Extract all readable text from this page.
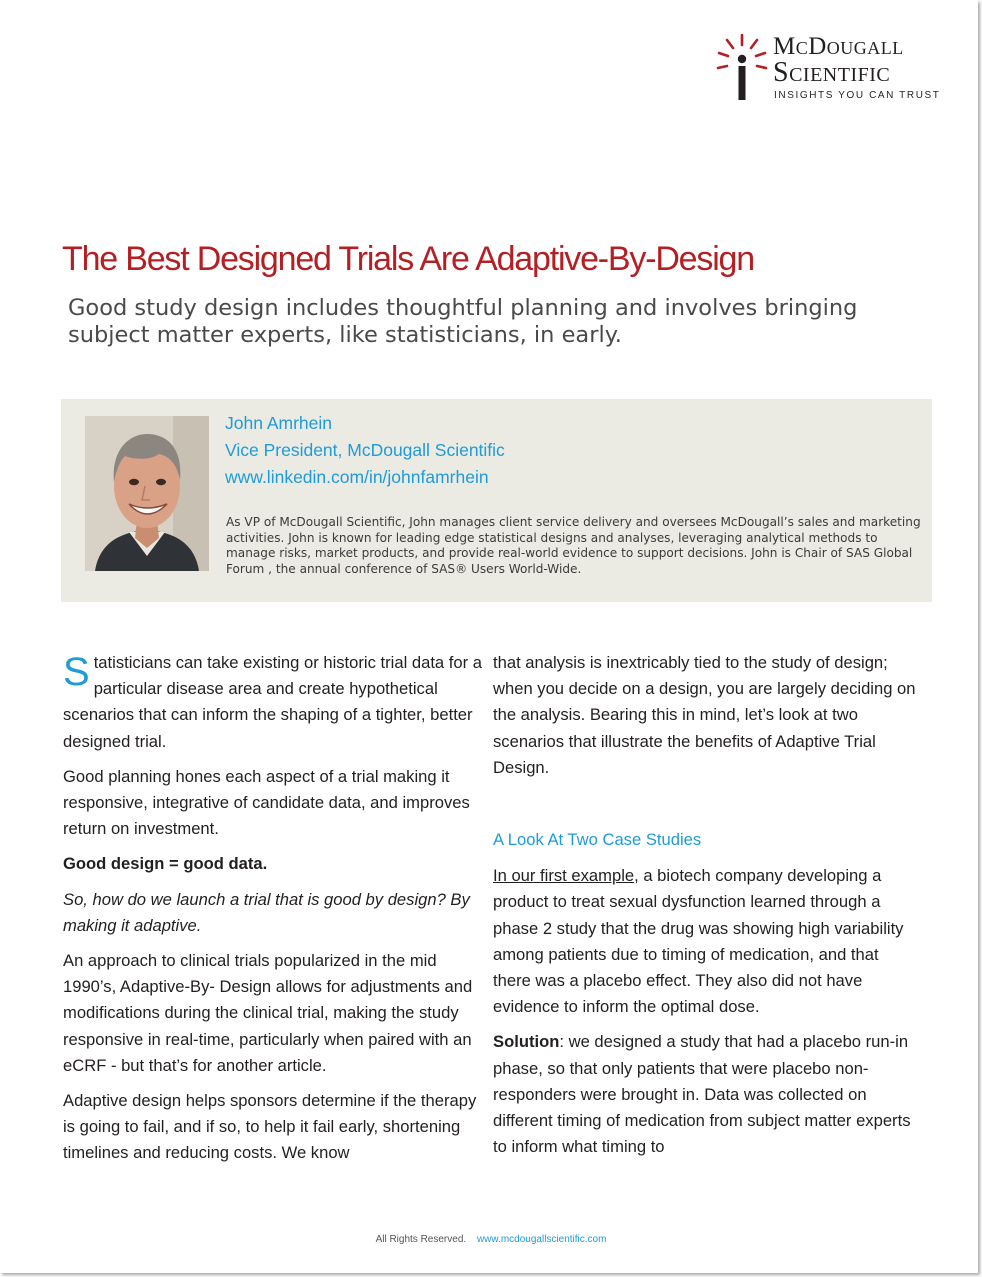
McDougall
Scientific
INSIGHTS YOU CAN TRUST
The Best Designed Trials Are Adaptive-By-Design
Good study design includes thoughtful planning and involves bringing subject matter experts, like statisticians, in early.
John Amrhein
Vice President, McDougall Scientific
www.linkedin.com/in/johnfamrhein
As VP of McDougall Scientific, John manages client service delivery and oversees McDougall’s sales and marketing activities. John is known for leading edge statistical designs and analyses, leveraging analytical methods to manage risks, market products, and provide real-world evidence to support decisions. John is Chair of SAS Global Forum , the annual conference of SAS® Users World-Wide.

Statisticians can take existing or historic trial data for a particular disease area and create hypothetical scenarios that can inform the shaping of a tighter, better designed trial.

Good planning hones each aspect of a trial making it responsive, integrative of candidate data, and improves return on investment.

Good design = good data.

So, how do we launch a trial that is good by design? By making it adaptive.

An approach to clinical trials popularized in the mid 1990’s, Adaptive-By- Design allows for adjustments and modifications during the clinical trial, making the study responsive in real-time, particularly when paired with an eCRF - but that’s for another article.

Adaptive design helps sponsors determine if the therapy is going to fail, and if so, to help it fail early, shortening timelines and reducing costs. We know

that analysis is inextricably tied to the study of design; when you decide on a design, you are largely deciding on the analysis. Bearing this in mind, let’s look at two scenarios that illustrate the benefits of Adaptive Trial Design.

A Look At Two Case Studies

In our first example, a biotech company developing a product to treat sexual dysfunction learned through a phase 2 study that the drug was showing high variability among patients due to timing of medication, and that there was a placebo effect. They also did not have evidence to inform the optimal dose.

Solution: we designed a study that had a placebo run-in phase, so that only patients that were placebo non-responders were brought in. Data was collected on different timing of medication from subject matter experts to inform what timing to

All Rights Reserved. www.mcdougallscientific.com
